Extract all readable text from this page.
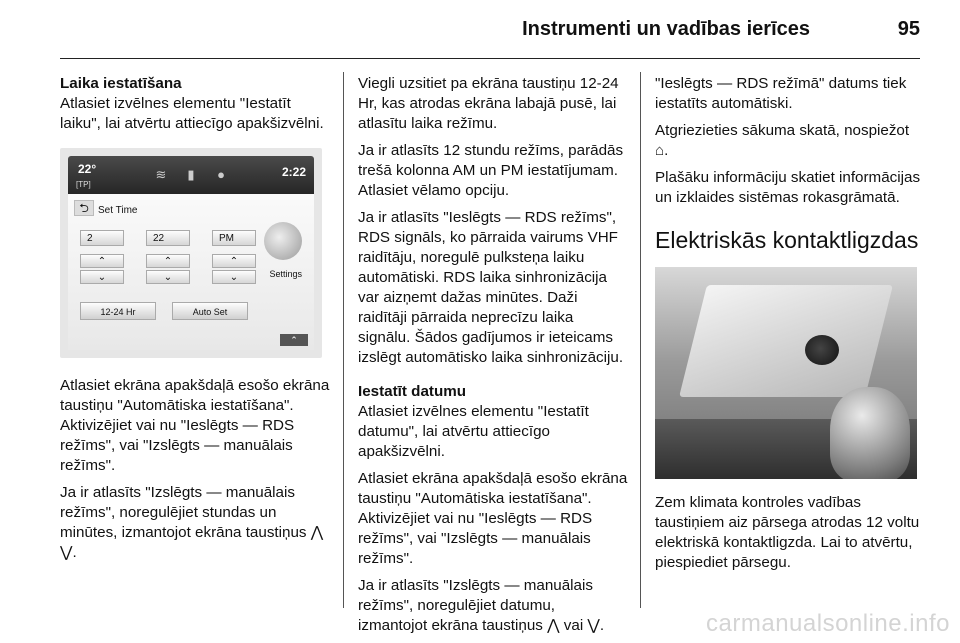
Instrumenti un vadības ierīces	95
Laika iestatīšana

Atlasiet izvēlnes elementu "Iestatīt laiku", lai atvērtu attiecīgo apakšizvēlni.

22°
[TP]
≋	▮	●	2:22
⮌ Set Time
2	22	PM
⌃	⌃	⌃
⌄	⌄	⌄
12-24 Hr	Auto Set
Settings
⌃

Atlasiet ekrāna apakšdaļā esošo ekrāna taustiņu "Automātiska iestatīšana". Aktivizējiet vai nu "Ieslēgts — RDS režīms", vai "Izslēgts — manuālais režīms".

Ja ir atlasīts "Izslēgts — manuālais režīms", noregulējiet stundas un minūtes, izmantojot ekrāna taustiņus ⋀ ⋁.

Viegli uzsitiet pa ekrāna taustiņu 12-24 Hr, kas atrodas ekrāna labajā pusē, lai atlasītu laika režīmu.

Ja ir atlasīts 12 stundu režīms, parādās trešā kolonna AM un PM iestatījumam. Atlasiet vēlamo opciju.

Ja ir atlasīts "Ieslēgts — RDS režīms", RDS signāls, ko pārraida vairums VHF raidītāju, noregulē pulksteņa laiku automātiski. RDS laika sinhronizācija var aizņemt dažas minūtes. Daži raidītāji pārraida neprecīzu laika signālu. Šādos gadījumos ir ieteicams izslēgt automātisko laika sinhronizāciju.

Iestatīt datumu

Atlasiet izvēlnes elementu "Iestatīt datumu", lai atvērtu attiecīgo apakšizvēlni.

Atlasiet ekrāna apakšdaļā esošo ekrāna taustiņu "Automātiska iestatīšana". Aktivizējiet vai nu "Ieslēgts — RDS režīms", vai "Izslēgts — manuālais režīms".

Ja ir atlasīts "Izslēgts — manuālais režīms", noregulējiet datumu, izmantojot ekrāna taustiņus ⋀ vai ⋁.

"Ieslēgts — RDS režīmā" datums tiek iestatīts automātiski.

Atgriezieties sākuma skatā, nospiežot ⌂.

Plašāku informāciju skatiet informācijas un izklaides sistēmas rokasgrāmatā.

Elektriskās kontaktligzdas

Zem klimata kontroles vadības taustiņiem aiz pārsega atrodas 12 voltu elektriskā kontaktligzda. Lai to atvērtu, piespiediet pārsegu.

carmanualsonline.info
